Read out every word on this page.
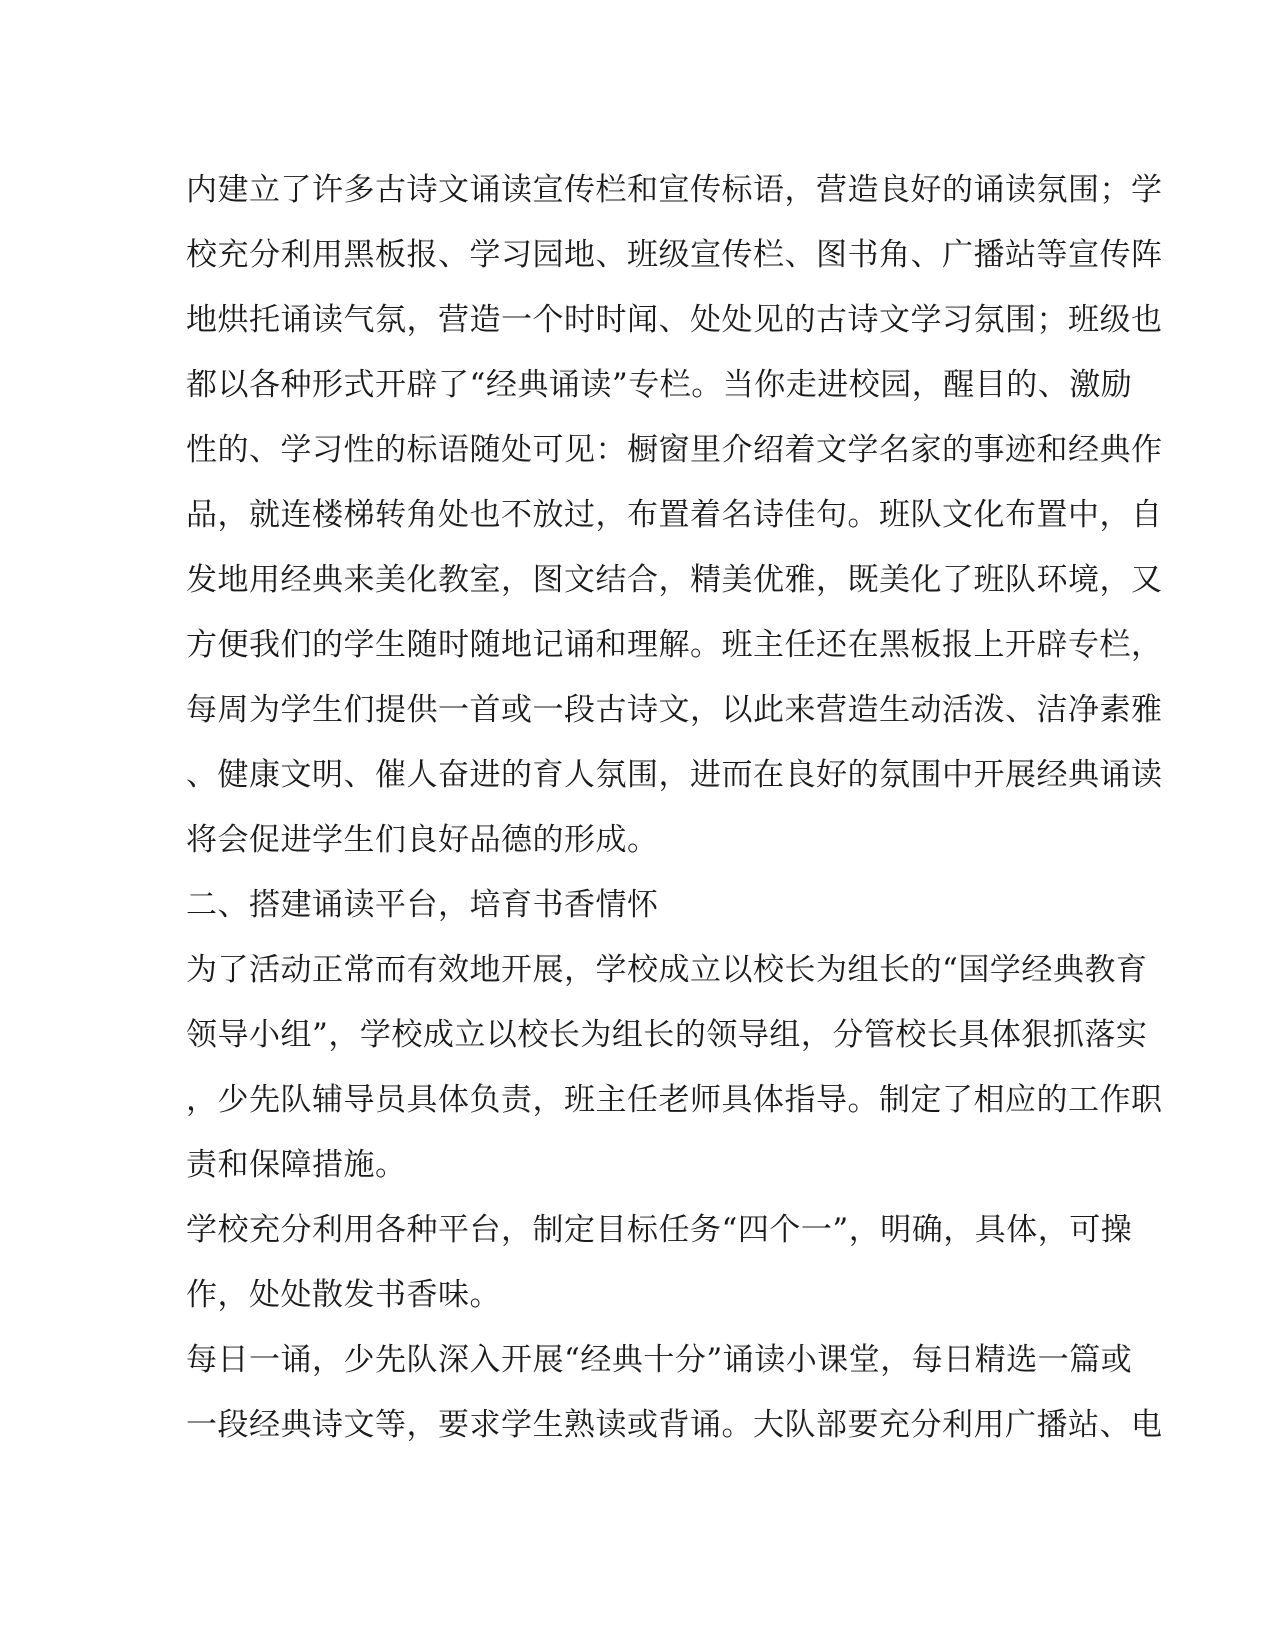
内建立了许多古诗文诵读宣传栏和宣传标语，营造良好的诵读氛围；学
校充分利用黑板报、学习园地、班级宣传栏、图书角、广播站等宣传阵
地烘托诵读气氛，营造一个时时闻、处处见的古诗文学习氛围；班级也
都以各种形式开辟了“经典诵读”专栏。当你走进校园，醒目的、激励
性的、学习性的标语随处可见：橱窗里介绍着文学名家的事迹和经典作
品，就连楼梯转角处也不放过，布置着名诗佳句。班队文化布置中，自
发地用经典来美化教室，图文结合，精美优雅，既美化了班队环境，又
方便我们的学生随时随地记诵和理解。班主任还在黑板报上开辟专栏，
每周为学生们提供一首或一段古诗文，以此来营造生动活泼、洁净素雅
、健康文明、催人奋进的育人氛围，进而在良好的氛围中开展经典诵读
将会促进学生们良好品德的形成。
二、搭建诵读平台，培育书香情怀
为了活动正常而有效地开展，学校成立以校长为组长的“国学经典教育
领导小组”，学校成立以校长为组长的领导组，分管校长具体狠抓落实
，少先队辅导员具体负责，班主任老师具体指导。制定了相应的工作职
责和保障措施。
学校充分利用各种平台，制定目标任务“四个一”，明确，具体，可操
作，处处散发书香味。
每日一诵，少先队深入开展“经典十分”诵读小课堂，每日精选一篇或
一段经典诗文等，要求学生熟读或背诵。大队部要充分利用广播站、电
